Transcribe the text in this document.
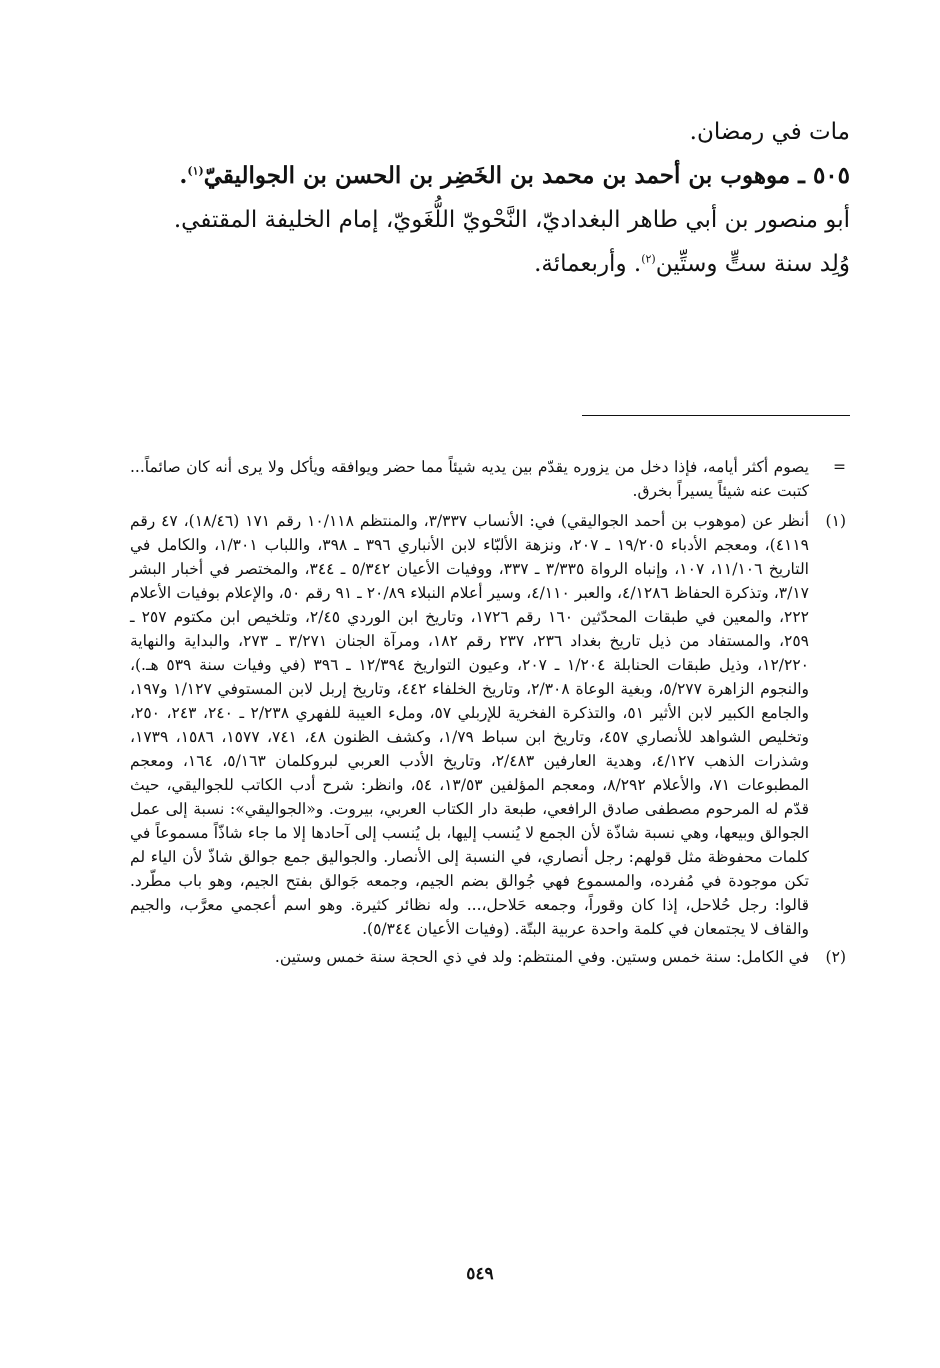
مات في رمضان.

٥٠٥ ـ موهوب بن أحمد بن محمد بن الخَضِر بن الحسن بن الجواليقيّ$^{(١)}$.

أبو منصور بن أبي طاهر البغداديّ، النَّحْويّ اللُّغَويّ، إمام الخليفة المقتفي.

وُلِد سنة ستٍّ وستِّين$^{(٢)}$. وأربعمائة.

=
يصوم أكثر أيامه، فإذا دخل من يزوره يقدّم بين يديه شيئاً مما حضر ويوافقه ويأكل ولا يرى أنه كان صائماً... كتبت عنه شيئاً يسيراً بخرق.

(١)
أنظر عن (موهوب بن أحمد الجواليقي) في: الأنساب ٣/٣٣٧، والمنتظم ١٠/١١٨ رقم ١٧١ (١٨/٤٦)، ٤٧ رقم ٤١١٩)، ومعجم الأدباء ١٩/٢٠٥ ـ ٢٠٧، ونزهة الألبّاء لابن الأنباري ٣٩٦ ـ ٣٩٨، واللباب ١/٣٠١، والكامل في التاريخ ١١/١٠٦، ١٠٧، وإنباه الرواة ٣/٣٣٥ ـ ٣٣٧، ووفيات الأعيان ٥/٣٤٢ ـ ٣٤٤، والمختصر في أخبار البشر ٣/١٧، وتذكرة الحفاظ ٤/١٢٨٦، والعبر ٤/١١٠، وسير أعلام النبلاء ٢٠/٨٩ ـ ٩١ رقم ٥٠، والإعلام بوفيات الأعلام ٢٢٢، والمعين في طبقات المحدّثين ١٦٠ رقم ١٧٢٦، وتاريخ ابن الوردي ٢/٤٥، وتلخيص ابن مكتوم ٢٥٧ ـ ٢٥٩، والمستفاد من ذيل تاريخ بغداد ٢٣٦، ٢٣٧ رقم ١٨٢، ومرآة الجنان ٣/٢٧١ ـ ٢٧٣، والبداية والنهاية ١٢/٢٢٠، وذيل طبقات الحنابلة ١/٢٠٤ ـ ٢٠٧، وعيون التواريخ ١٢/٣٩٤ ـ ٣٩٦ (في وفيات سنة ٥٣٩ هـ.)، والنجوم الزاهرة ٥/٢٧٧، وبغية الوعاة ٢/٣٠٨، وتاريخ الخلفاء ٤٤٢، وتاريخ إربل لابن المستوفي ١/١٢٧ و١٩٧، والجامع الكبير لابن الأثير ٥١، والتذكرة الفخرية للإربلي ٥٧، وملء العيبة للفهري ٢/٢٣٨ ـ ٢٤٠، ٢٤٣، ٢٥٠، وتخليص الشواهد للأنصاري ٤٥٧، وتاريخ ابن سباط ١/٧٩، وكشف الظنون ٤٨، ٧٤١، ١٥٧٧، ١٥٨٦، ١٧٣٩، وشذرات الذهب ٤/١٢٧، وهدية العارفين ٢/٤٨٣، وتاريخ الأدب العربي لبروكلمان ٥/١٦٣، ١٦٤، ومعجم المطبوعات ٧١، والأعلام ٨/٢٩٢، ومعجم المؤلفين ١٣/٥٣، ٥٤، وانظر: شرح أدب الكاتب للجواليقي، حيث قدّم له المرحوم مصطفى صادق الرافعي، طبعة دار الكتاب العربي، بيروت. و«الجواليقي»: نسبة إلى عمل الجوالق وبيعها، وهي نسبة شاذّة لأن الجمع لا يُنسب إليها، بل يُنسب إلى آحادها إلا ما جاء شاذّاً مسموعاً في كلمات محفوظة مثل قولهم: رجل أنصاري، في النسبة إلى الأنصار. والجواليق جمع جوالق شاذّ لأن الياء لم تكن موجودة في مُفرده، والمسموع فهي جُوالق بضم الجيم، وجمعه جَوالق بفتح الجيم، وهو باب مطّرد. قالوا: رجل حُلاحل، إذا كان وقوراً، وجمعه حَلاحل،... وله نظائر كثيرة. وهو اسم أعجمي معرَّب، والجيم والقاف لا يجتمعان في كلمة واحدة عربية البتّة. (وفيات الأعيان ٥/٣٤٤).

(٢)
في الكامل: سنة خمس وستين. وفي المنتظم: ولد في ذي الحجة سنة خمس وستين.

٥٤٩
